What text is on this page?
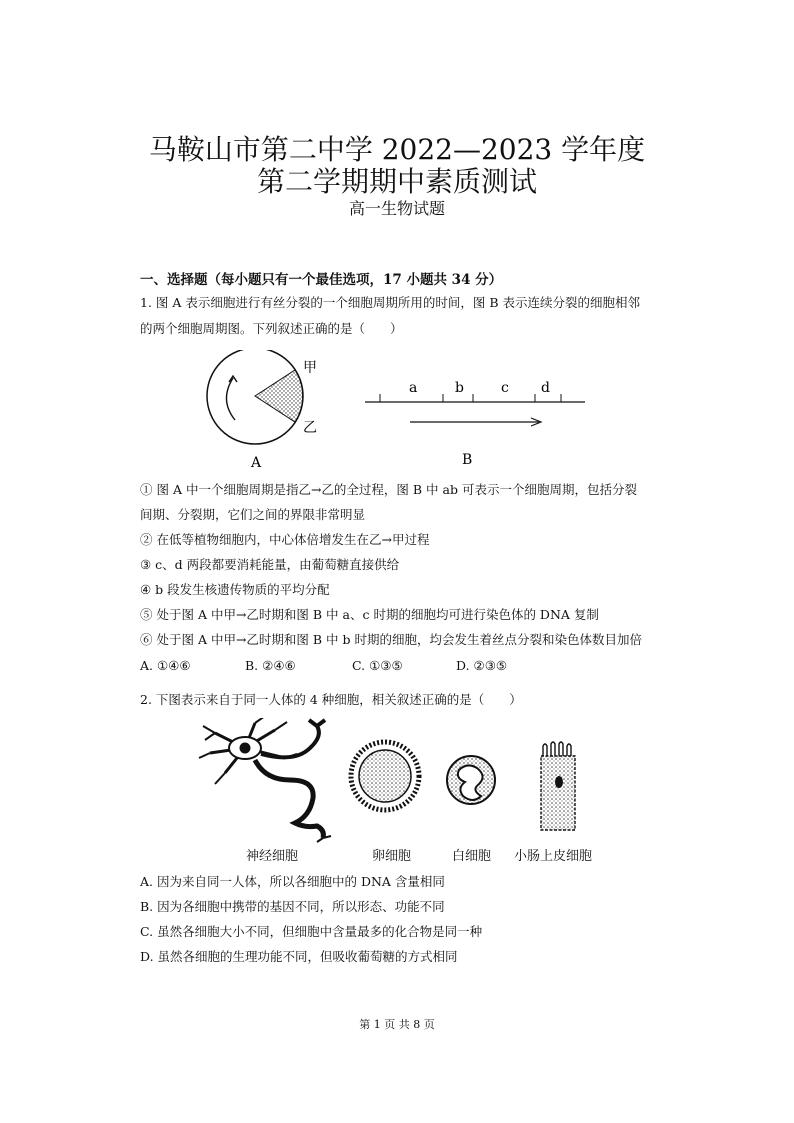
马鞍山市第二中学 2022—2023 学年度
第二学期期中素质测试
高一生物试题
一、选择题（每小题只有一个最佳选项，17 小题共 34 分）
1. 图 A 表示细胞进行有丝分裂的一个细胞周期所用的时间，图 B 表示连续分裂的细胞相邻
的两个细胞周期图。下列叙述正确的是（　　）
甲
乙
A
a	b	c d
B
① 图 A 中一个细胞周期是指乙→乙的全过程，图 B 中 ab 可表示一个细胞周期，包括分裂
间期、分裂期，它们之间的界限非常明显
② 在低等植物细胞内，中心体倍增发生在乙→甲过程
③ c、d 两段都要消耗能量，由葡萄糖直接供给
④ b 段发生核遗传物质的平均分配
⑤ 处于图 A 中甲→乙时期和图 B 中 a、c 时期的细胞均可进行染色体的 DNA 复制
⑥ 处于图 A 中甲→乙时期和图 B 中 b 时期的细胞，均会发生着丝点分裂和染色体数目加倍
A. ①④⑥	B. ②④⑥	C. ①③⑤	D. ②③⑤
2. 下图表示来自于同一人体的 4 种细胞，相关叙述正确的是（　　）
神经细胞	卵细胞	白细胞 小肠上皮细胞
A. 因为来自同一人体，所以各细胞中的 DNA 含量相同
B. 因为各细胞中携带的基因不同，所以形态、功能不同
C. 虽然各细胞大小不同，但细胞中含量最多的化合物是同一种
D. 虽然各细胞的生理功能不同，但吸收葡萄糖的方式相同
第 1 页 共 8 页
